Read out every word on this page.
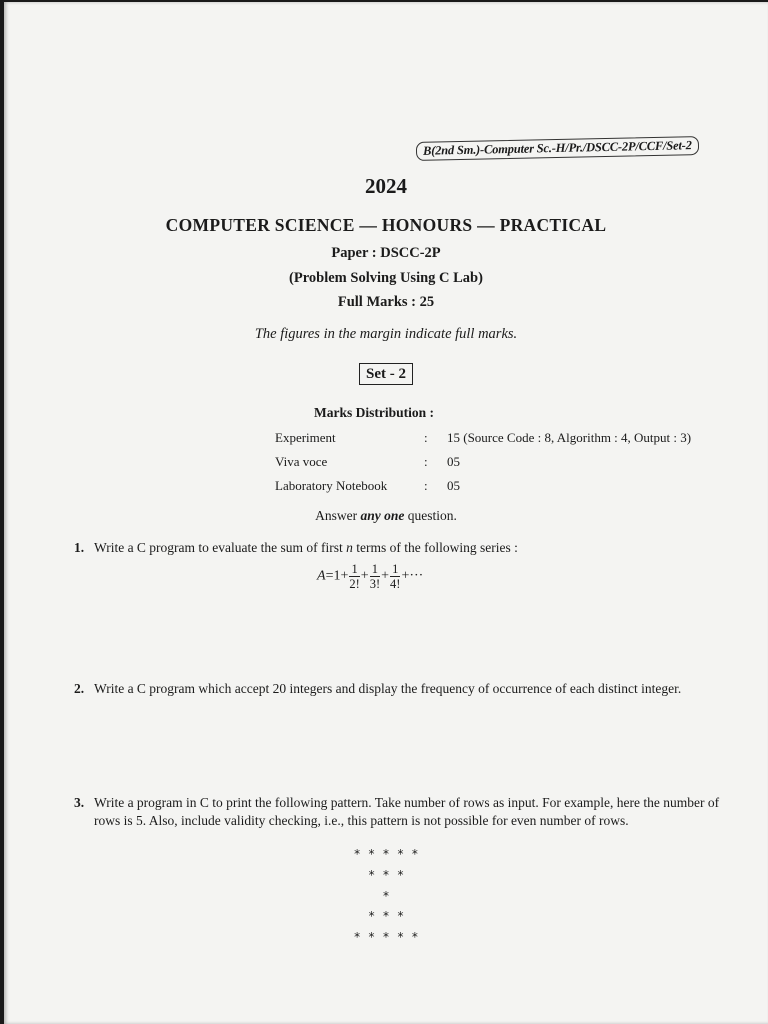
B(2nd Sm.)-Computer Sc.-H/Pr./DSCC-2P/CCF/Set-2
2024
COMPUTER SCIENCE — HONOURS — PRACTICAL
Paper : DSCC-2P
(Problem Solving Using C Lab)
Full Marks : 25
The figures in the margin indicate full marks.
Set - 2
Marks Distribution :
Experiment	: 15 (Source Code : 8, Algorithm : 4, Output : 3)
Viva voce	: 05
Laboratory Notebook	: 05
Answer any one question.
1. Write a C program to evaluate the sum of first n terms of the following series :
$A=1+ \frac{1}{2!} + \frac{1}{3!} + \frac{1}{4!}$ +···
2. Write a C program which accept 20 integers and display the frequency of occurrence of each distinct integer.
3. Write a program in C to print the following pattern. Take number of rows as input. For example, here the number of rows is 5. Also, include validity checking, i.e., this pattern is not possible for even number of rows.
* * * * *
* * *
*
* * *
* * * * *
